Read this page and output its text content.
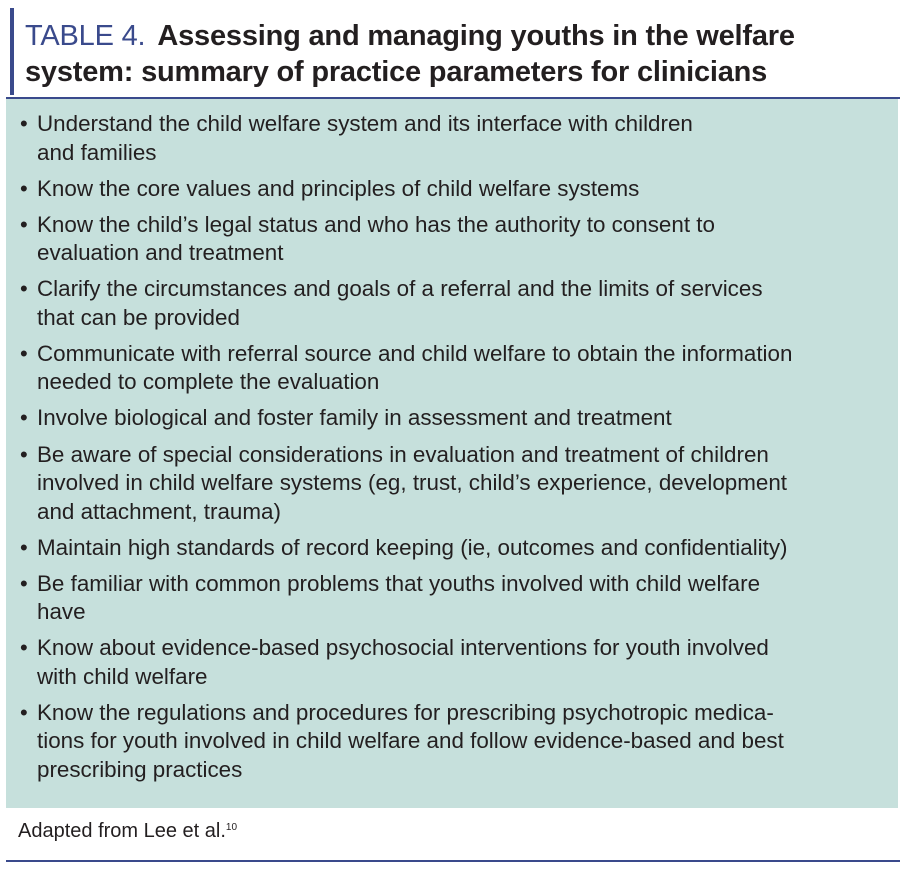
TABLE 4. Assessing and managing youths in the welfare
system: summary of practice parameters for clinicians
• Understand the child welfare system and its interface with children
and families
• Know the core values and principles of child welfare systems
• Know the child’s legal status and who has the authority to consent to
evaluation and treatment
• Clarify the circumstances and goals of a referral and the limits of services
that can be provided
• Communicate with referral source and child welfare to obtain the information
needed to complete the evaluation
• Involve biological and foster family in assessment and treatment
• Be aware of special considerations in evaluation and treatment of children
involved in child welfare systems (eg, trust, child’s experience, development
and attachment, trauma)
• Maintain high standards of record keeping (ie, outcomes and confidentiality)
• Be familiar with common problems that youths involved with child welfare
have
• Know about evidence-based psychosocial interventions for youth involved
with child welfare
• Know the regulations and procedures for prescribing psychotropic medica-
tions for youth involved in child welfare and follow evidence-based and best
prescribing practices
Adapted from Lee et al.$^{10}$
